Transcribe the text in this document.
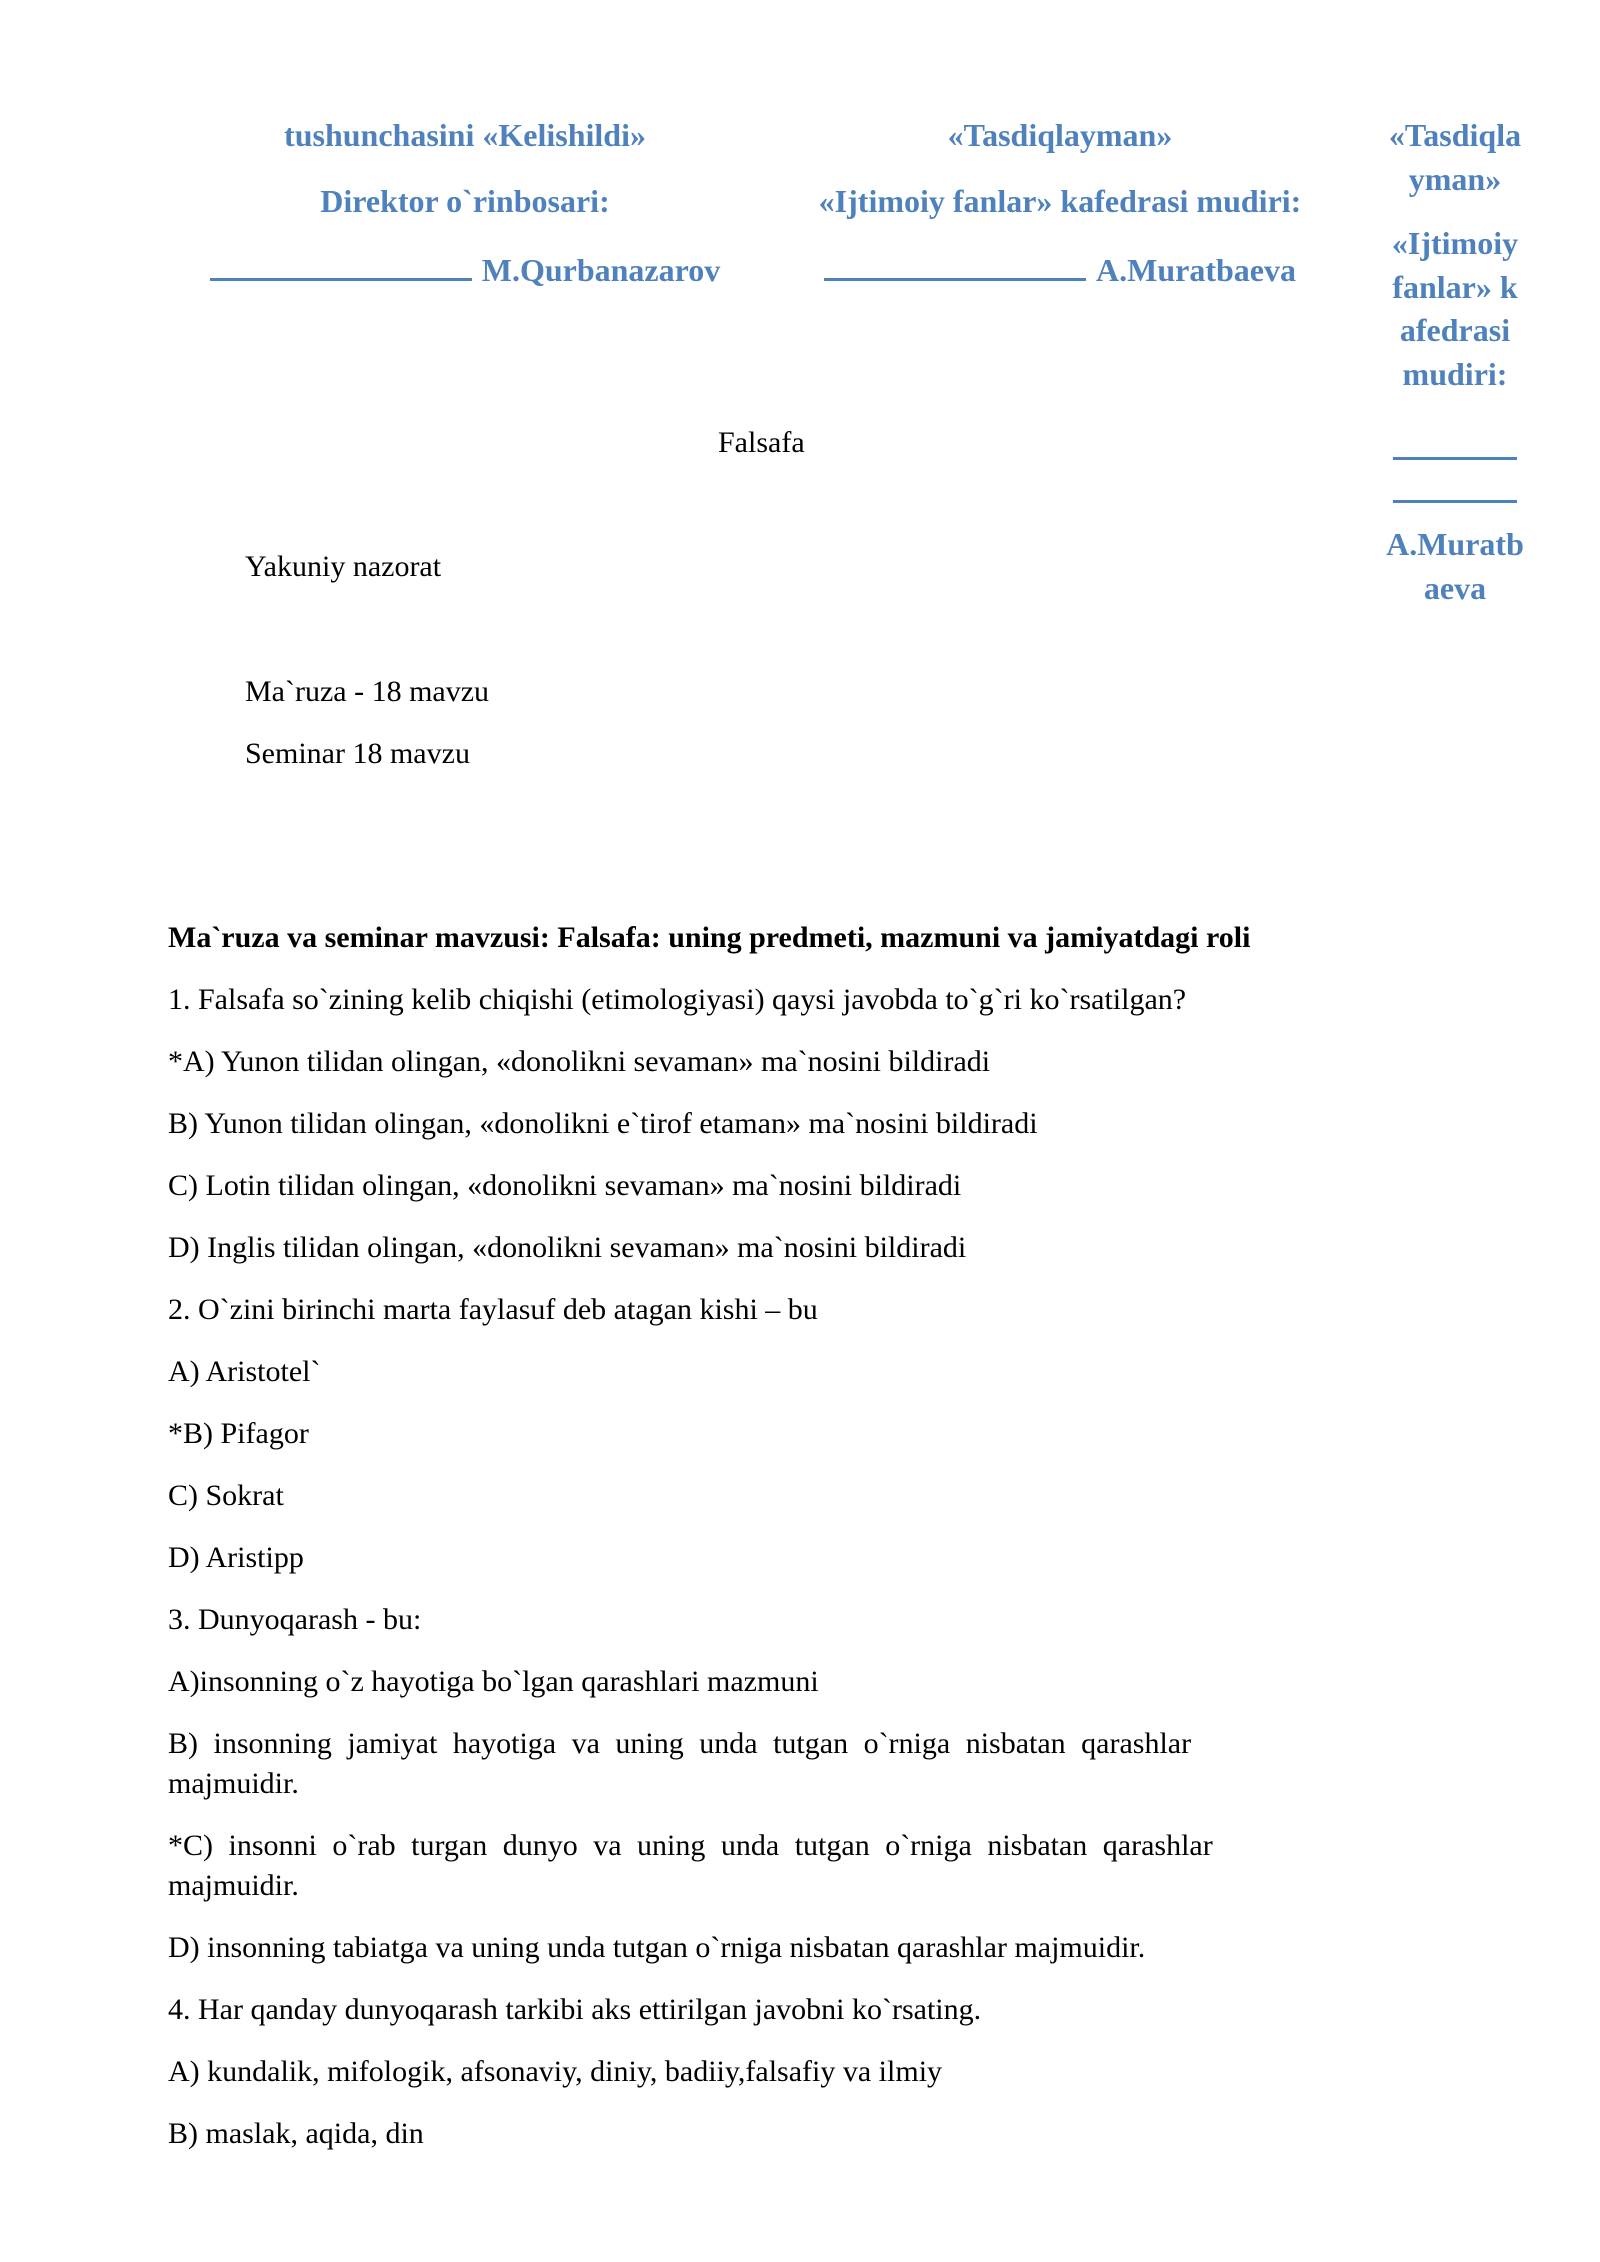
tushunchasini «Kelishildi»

Direktor o`rinbosari:

M.Qurbanazarov

«Tasdiqlayman»

«Ijtimoiy fanlar» kafedrasi mudiri:

A.Muratbaeva

«Tasdiqlayman»

«Ijtimoiy fanlar» kafedrasi mudiri:

A.Muratbaeva

Falsafa
Yakuniy nazorat
Ma`ruza - 18 mavzu
Seminar 18 mavzu

Ma`ruza va seminar mavzusi: Falsafa: uning predmeti, mazmuni va jamiyatdagi roli

1. Falsafa so`zining kelib chiqishi (etimologiyasi) qaysi javobda to`g`ri ko`rsatilgan?

*A) Yunon tilidan olingan, «donolikni sevaman» ma`nosini bildiradi

B) Yunon tilidan olingan, «donolikni e`tirof etaman» ma`nosini bildiradi

C) Lotin tilidan olingan, «donolikni sevaman» ma`nosini bildiradi

D) Inglis tilidan olingan, «donolikni sevaman» ma`nosini bildiradi

2. O`zini birinchi marta faylasuf deb atagan kishi – bu

A) Aristotel`

*B) Pifagor

C) Sokrat

D) Aristipp

3. Dunyoqarash - bu:

A)insonning o`z hayotiga bo`lgan qarashlari mazmuni

B) insonning jamiyat hayotiga va uning unda tutgan o`rniga nisbatan qarashlar majmuidir.

*C) insonni o`rab turgan dunyo va uning unda tutgan o`rniga nisbatan qarashlar majmuidir.

D) insonning tabiatga va uning unda tutgan o`rniga nisbatan qarashlar majmuidir.

4. Har qanday dunyoqarash tarkibi aks ettirilgan javobni ko`rsating.

A) kundalik, mifologik, afsonaviy, diniy, badiiy,falsafiy va ilmiy

B) maslak, aqida, din
